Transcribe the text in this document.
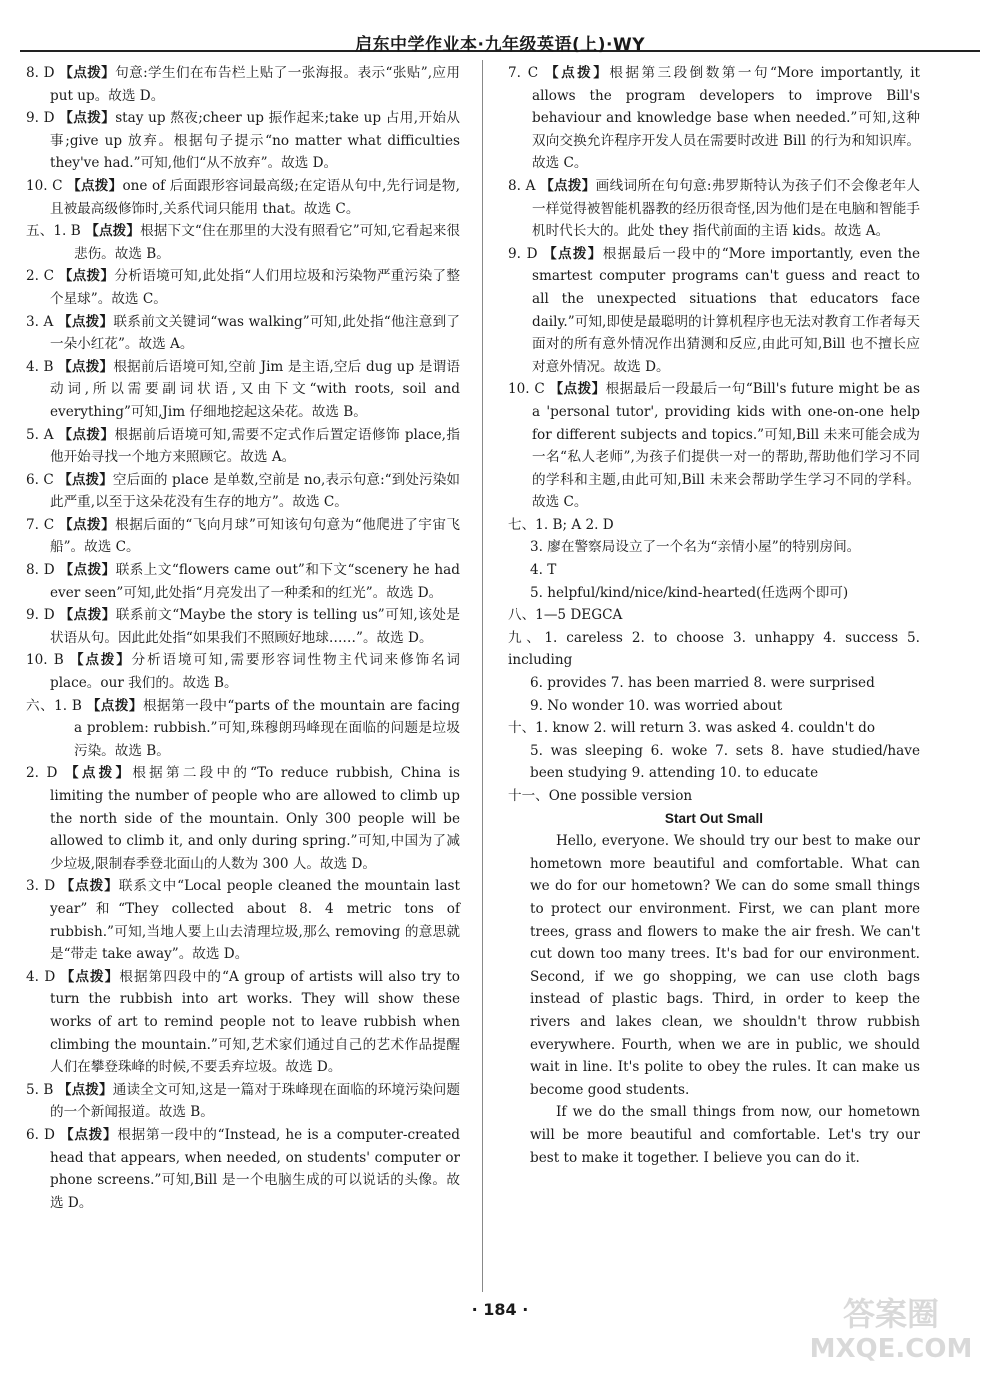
启东中学作业本·九年级英语(上)·WY
8. D 【点拨】句意:学生们在布告栏上贴了一张海报。表示“张贴”,应用 put up。故选 D。
9. D 【点拨】stay up 熬夜;cheer up 振作起来;take up 占用,开始从事;give up 放弃。根据句子提示“no matter what difficulties they've had.”可知,他们“从不放弃”。故选 D。
10. C 【点拨】one of 后面跟形容词最高级;在定语从句中,先行词是物,且被最高级修饰时,关系代词只能用 that。故选 C。
五、1. B 【点拨】根据下文“住在那里的大没有照看它”可知,它看起来很悲伤。故选 B。
2. C 【点拨】分析语境可知,此处指“人们用垃圾和污染物严重污染了整个星球”。故选 C。
3. A 【点拨】联系前文关键词“was walking”可知,此处指“他注意到了一朵小红花”。故选 A。
4. B 【点拨】根据前后语境可知,空前 Jim 是主语,空后 dug up 是谓语动词,所以需要副词状语,又由下文“with roots, soil and everything”可知,Jim 仔细地挖起这朵花。故选 B。
5. A 【点拨】根据前后语境可知,需要不定式作后置定语修饰 place,指他开始寻找一个地方来照顾它。故选 A。
6. C 【点拨】空后面的 place 是单数,空前是 no,表示句意:“到处污染如此严重,以至于这朵花没有生存的地方”。故选 C。
7. C 【点拨】根据后面的“飞向月球”可知该句句意为“他爬进了宇宙飞船”。故选 C。
8. D 【点拨】联系上文“flowers came out”和下文“scenery he had ever seen”可知,此处指“月亮发出了一种柔和的红光”。故选 D。
9. D 【点拨】联系前文“Maybe the story is telling us”可知,该处是状语从句。因此此处指“如果我们不照顾好地球……”。故选 D。
10. B 【点拨】分析语境可知,需要形容词性物主代词来修饰名词 place。our 我们的。故选 B。
六、1. B 【点拨】根据第一段中“parts of the mountain are facing a problem: rubbish.”可知,珠穆朗玛峰现在面临的问题是垃圾污染。故选 B。
2. D 【点拨】根据第二段中的“To reduce rubbish, China is limiting the number of people who are allowed to climb up the north side of the mountain. Only 300 people will be allowed to climb it, and only during spring.”可知,中国为了减少垃圾,限制春季登北面山的人数为 300 人。故选 D。
3. D 【点拨】联系文中“Local people cleaned the mountain last year”和“They collected about 8. 4 metric tons of rubbish.”可知,当地人要上山去清理垃圾,那么 removing 的意思就是“带走 take away”。故选 D。
4. D 【点拨】根据第四段中的“A group of artists will also try to turn the rubbish into art works. They will show these works of art to remind people not to leave rubbish when climbing the mountain.”可知,艺术家们通过自己的艺术作品提醒人们在攀登珠峰的时候,不要丢弃垃圾。故选 D。
5. B 【点拨】通读全文可知,这是一篇对于珠峰现在面临的环境污染问题的一个新闻报道。故选 B。
6. D 【点拨】根据第一段中的“Instead, he is a computer-created head that appears, when needed, on students' computer or phone screens.”可知,Bill 是一个电脑生成的可以说话的头像。故选 D。
7. C 【点拨】根据第三段倒数第一句“More importantly, it allows the program developers to improve Bill's behaviour and knowledge base when needed.”可知,这种双向交换允许程序开发人员在需要时改进 Bill 的行为和知识库。故选 C。
8. A 【点拨】画线词所在句句意:弗罗斯特认为孩子们不会像老年人一样觉得被智能机器教的经历很奇怪,因为他们是在电脑和智能手机时代长大的。此处 they 指代前面的主语 kids。故选 A。
9. D 【点拨】根据最后一段中的“More importantly, even the smartest computer programs can't guess and react to all the unexpected situations that educators face daily.”可知,即使是最聪明的计算机程序也无法对教育工作者每天面对的所有意外情况作出猜测和反应,由此可知,Bill 也不擅长应对意外情况。故选 D。
10. C 【点拨】根据最后一段最后一句“Bill's future might be as a 'personal tutor', providing kids with one-on-one help for different subjects and topics.”可知,Bill 未来可能会成为一名“私人老师”,为孩子们提供一对一的帮助,帮助他们学习不同的学科和主题,由此可知,Bill 未来会帮助学生学习不同的学科。故选 C。
七、1. B; A 2. D
3. 廖在警察局设立了一个名为“亲情小屋”的特别房间。
4. T
5. helpful/kind/nice/kind-hearted(任选两个即可)
八、1—5 DEGCA
九、1. careless 2. to choose 3. unhappy 4. success 5. including
6. provides 7. has been married 8. were surprised
9. No wonder 10. was worried about
十、1. know 2. will return 3. was asked 4. couldn't do
5. was sleeping 6. woke 7. sets 8. have studied/have been studying 9. attending 10. to educate
十一、One possible version
Start Out Small
Hello, everyone. We should try our best to make our hometown more beautiful and comfortable. What can we do for our hometown? We can do some small things to protect our environment. First, we can plant more trees, grass and flowers to make the air fresh. We can't cut down too many trees. It's bad for our environment. Second, if we go shopping, we can use cloth bags instead of plastic bags. Third, in order to keep the rivers and lakes clean, we shouldn't throw rubbish everywhere. Fourth, when we are in public, we should wait in line. It's polite to obey the rules. It can make us become good students.
If we do the small things from now, our hometown will be more beautiful and comfortable. Let's try our best to make it together. I believe you can do it.
· 184 ·	答案圈
MXQE.COM
